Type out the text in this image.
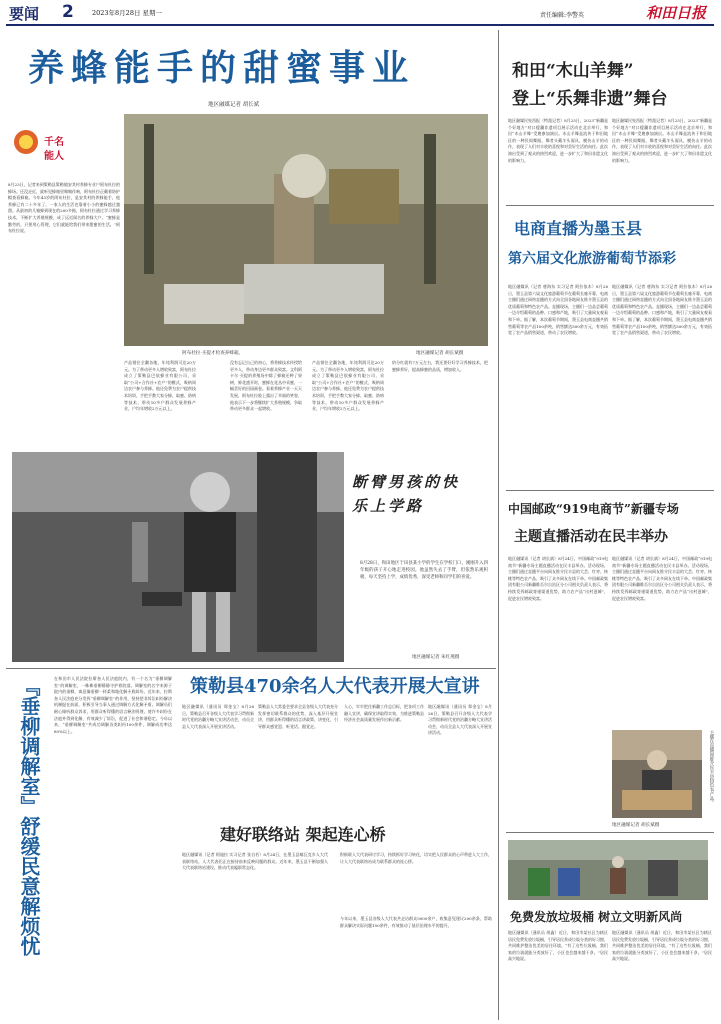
要闻 2	2023年8月28日 星期一	责任编辑:李警英	和田日报
养蜂能手的甜蜜事业
地区融媒记者 胡长斌
千名能人
8月23日，记者来到策勒县策勒镇安其村养蜂专业户阿布杜拉的蜂场。还没走近，就听见蜂箱里嗡嗡作响，阿布杜拉正戴着防护帽查看蜂箱。今年43岁的阿布杜拉，是安其村的养蜂能手，他养蜂已有二十多年了，一家人的生活也靠着小小的蜜蜂越过越甜。从最初的几箱蜂到现在的200多箱，阿布杜拉通过学习养蜂技术，不断扩大养殖规模，成了远近闻名的养蜂大户。“蜜蜂是勤劳的，只要用心管理，它们就能给我们带来甜蜜的生活。”阿布杜拉说。
阿布杜拉·买提才检查养蜂箱。	地区融媒记者 胡长斌摄
产品销往全疆各地，年纯利润可达20万元。为了带动更多人增收致富，阿布杜拉成立了策勒县巴依蜂业有限公司，采取“公司+合作社+农户”的模式，吸纳周边农户参与养蜂。他还免费为农户提供技术培训，手把手教大家分蜂、取蜜、防病等技术，带动10多户群众发展养蜂产业，户均年增收2万元以上。
没有忘记自己的初心，将养蜂技术传授给更多人，带动身边更多群众致富。文科阿卡尔·买提的养殖场中除了蜂箱还种了果树，鲜花盛开时，蜜蜂在花丛中采蜜，一幅美好的田园画卷。看着养蜂产业一天天发展，阿布杜拉脸上露出了幸福的笑容，他表示下一步将继续扩大养殖规模，争取带动更多群众一起增收。
产品销往全疆各地，年纯利润可达20万元。为了带动更多人增收致富，阿布杜拉成立了策勒县巴依蜂业有限公司，采取“公司+合作社+农户”的模式，吸纳周边农户参与养蜂。他还免费为农户提供技术培训，手把手教大家分蜂、取蜜、防病等技术，带动10多户群众发展养蜂产业，户均年增收2万元以上。
的分红就有7万元左右，我还要好好学习养蜂技术，把蜜蜂养好，提高蜂蜜的品质，增加收入。
断臂男孩的快乐上学路
8月28日，和田地区于田县某小学的学生在学校门口，刚刚升入四年级的孩子开心地走进校园。他虽然失去了手臂，但依然乐观积极，每天坚持上学，成绩优秀，深受老师和同学们的喜爱。
地区融媒记者 朱红燕摄
『垂柳调解室』舒缓民意解烦忧	在和田市人民法院拉斯奎人民法庭院内，有一个名为“垂柳调解室”的调解室，一株株垂柳静静守护着院落。调解室的名字来源于院内的垂柳，寓意像垂柳一样柔和地化解矛盾纠纷。近年来，拉斯奎人民法庭充分发挥“垂柳调解室”的作用，坚持把非诉讼纠纷解决机制挺在前面，积极引导当事人通过调解方式化解矛盾。调解员们耐心倾听群众诉求，用群众听得懂的语言释法明理，使许多纠纷在法庭外得到化解，有效减少了诉讼，促进了社会和谐稳定。今年以来，“垂柳调解室”共成功调解各类纠纷100余件，调解成功率达80%以上。
策勒县470余名人大代表开展大宣讲
地区融媒讯（通讯员 郑金宝）8月26日，策勒县召开各级人大代表学习贯彻新时代党的治疆方略大宣讲活动会，动员全县人大代表深入开展宣讲活动。
策勒县人大常委会要求全县各级人大代表充分发挥密切联系群众的优势，深入基层开展宣讲，用群众听得懂的语言讲政策、讲变化，引导群众感党恩、听党话、跟党走。
人心，牢牢把住新疆工作总目标，把各项工作融入宣讲，确保宣讲取得实效，为推进策勒县经济社会高质量发展作出新贡献。
地区融媒讯（通讯员 郑金宝）8月26日，策勒县召开各级人大代表学习贯彻新时代党的治疆方略大宣讲活动会，动员全县人大代表深入开展宣讲活动。
建好联络站 架起连心桥
地区融媒讯（记者 阿迪拉 实习记者 张自若）8月24日，在墨玉县喀瓦克乡人大代表联络站，人大代表们正在接待前来反映问题的群众。近年来，墨玉县不断加强人大代表联络站建设，推动代表履职常态化。
积极联入大代表研讨学习，持续抓好学习转化，切实把人民群众的心声带进人大工作，让人大代表联络站成为联系群众的连心桥。
今年以来，墨玉县各级人大代表共走访群众5000余户，收集意见建议200余条，帮助群众解决实际问题150余件，有效推动了基层治理水平的提升。
和田“木山羊舞”
登上“乐舞非遗”舞台
地区融媒民宪西报（特派记者）8月25日，2023“新疆是个好地方”对口援疆非遗项目展示活动在北京举行，和田“木山羊舞”受邀参加演出。木山羊舞是流传于和田地区的一种民间舞蹈，舞者头戴羊头面具，模仿山羊的动作，表现了人们对丰收的喜悦和对美好生活的向往。此次演出受到了观众的热烈欢迎，进一步扩大了和田非遗文化的影响力。
地区融媒民宪西报（特派记者）8月25日，2023“新疆是个好地方”对口援疆非遗项目展示活动在北京举行，和田“木山羊舞”受邀参加演出。木山羊舞是流传于和田地区的一种民间舞蹈，舞者头戴羊头面具，模仿山羊的动作，表现了人们对丰收的喜悦和对美好生活的向往。此次演出受到了观众的热烈欢迎，进一步扩大了和田非遗文化的影响力。
电商直播为墨玉县
第六届文化旅游葡萄节添彩
地区融媒讯（记者 唐海东 实习记者 阿拉依木）8月26日，墨玉县第六届文化旅游葡萄节在葡萄长廊开幕，电商主播们通过网络直播的方式向全国各地网友推介墨玉县的优质葡萄和特色农产品。直播现场，主播们一边品尝葡萄一边介绍葡萄的品种、口感和产地，吸引了大量网友观看和下单。据了解，本次葡萄节期间，墨玉县电商直播共销售葡萄等农产品100余吨，销售额达500余万元，有效拓宽了农产品销售渠道，带动了农民增收。
地区融媒讯（记者 唐海东 实习记者 阿拉依木）8月26日，墨玉县第六届文化旅游葡萄节在葡萄长廊开幕，电商主播们通过网络直播的方式向全国各地网友推介墨玉县的优质葡萄和特色农产品。直播现场，主播们一边品尝葡萄一边介绍葡萄的品种、口感和产地，吸引了大量网友观看和下单。据了解，本次葡萄节期间，墨玉县电商直播共销售葡萄等农产品100余吨，销售额达500余万元，有效拓宽了农产品销售渠道，带动了农民增收。
中国邮政“919电商节”新疆专场
主题直播活动在民丰举办
地区融媒讯（记者 胡长斌）8月24日，中国邮政“919电商节”新疆专场主题直播活动在民丰县举办。活动现场，主播们通过直播平台向网友推介民丰县的大芸、红枣、核桃等特色农产品，吸引了众多网友在线下单。中国邮政集团有限公司新疆维吾尔自治区分公司相关负责人表示，将持续发挥邮政寄递渠道优势，助力农产品“出村进城”，促进农民增收致富。
地区融媒讯（记者 胡长斌）8月24日，中国邮政“919电商节”新疆专场主题直播活动在民丰县举办。活动现场，主播们通过直播平台向网友推介民丰县的大芸、红枣、核桃等特色农产品，吸引了众多网友在线下单。中国邮政集团有限公司新疆维吾尔自治区分公司相关负责人表示，将持续发挥邮政寄递渠道优势，助力农产品“出村进城”，促进农民增收致富。
主播在直播间推介民丰县特色农产品。
地区融媒记者 胡长斌摄
免费发放垃圾桶 树立文明新风尚
地区融媒讯（通讯员 胡鑫）近日，和田市某社区为辖区居民免费发放垃圾桶，引导居民养成垃圾分类的好习惯，共同维护整洁优美的居住环境。“有了这些垃圾桶，我们家的垃圾就能分类放好了，小区也会越来越干净。”居民高兴地说。
地区融媒讯（通讯员 胡鑫）近日，和田市某社区为辖区居民免费发放垃圾桶，引导居民养成垃圾分类的好习惯，共同维护整洁优美的居住环境。“有了这些垃圾桶，我们家的垃圾就能分类放好了，小区也会越来越干净。”居民高兴地说。
